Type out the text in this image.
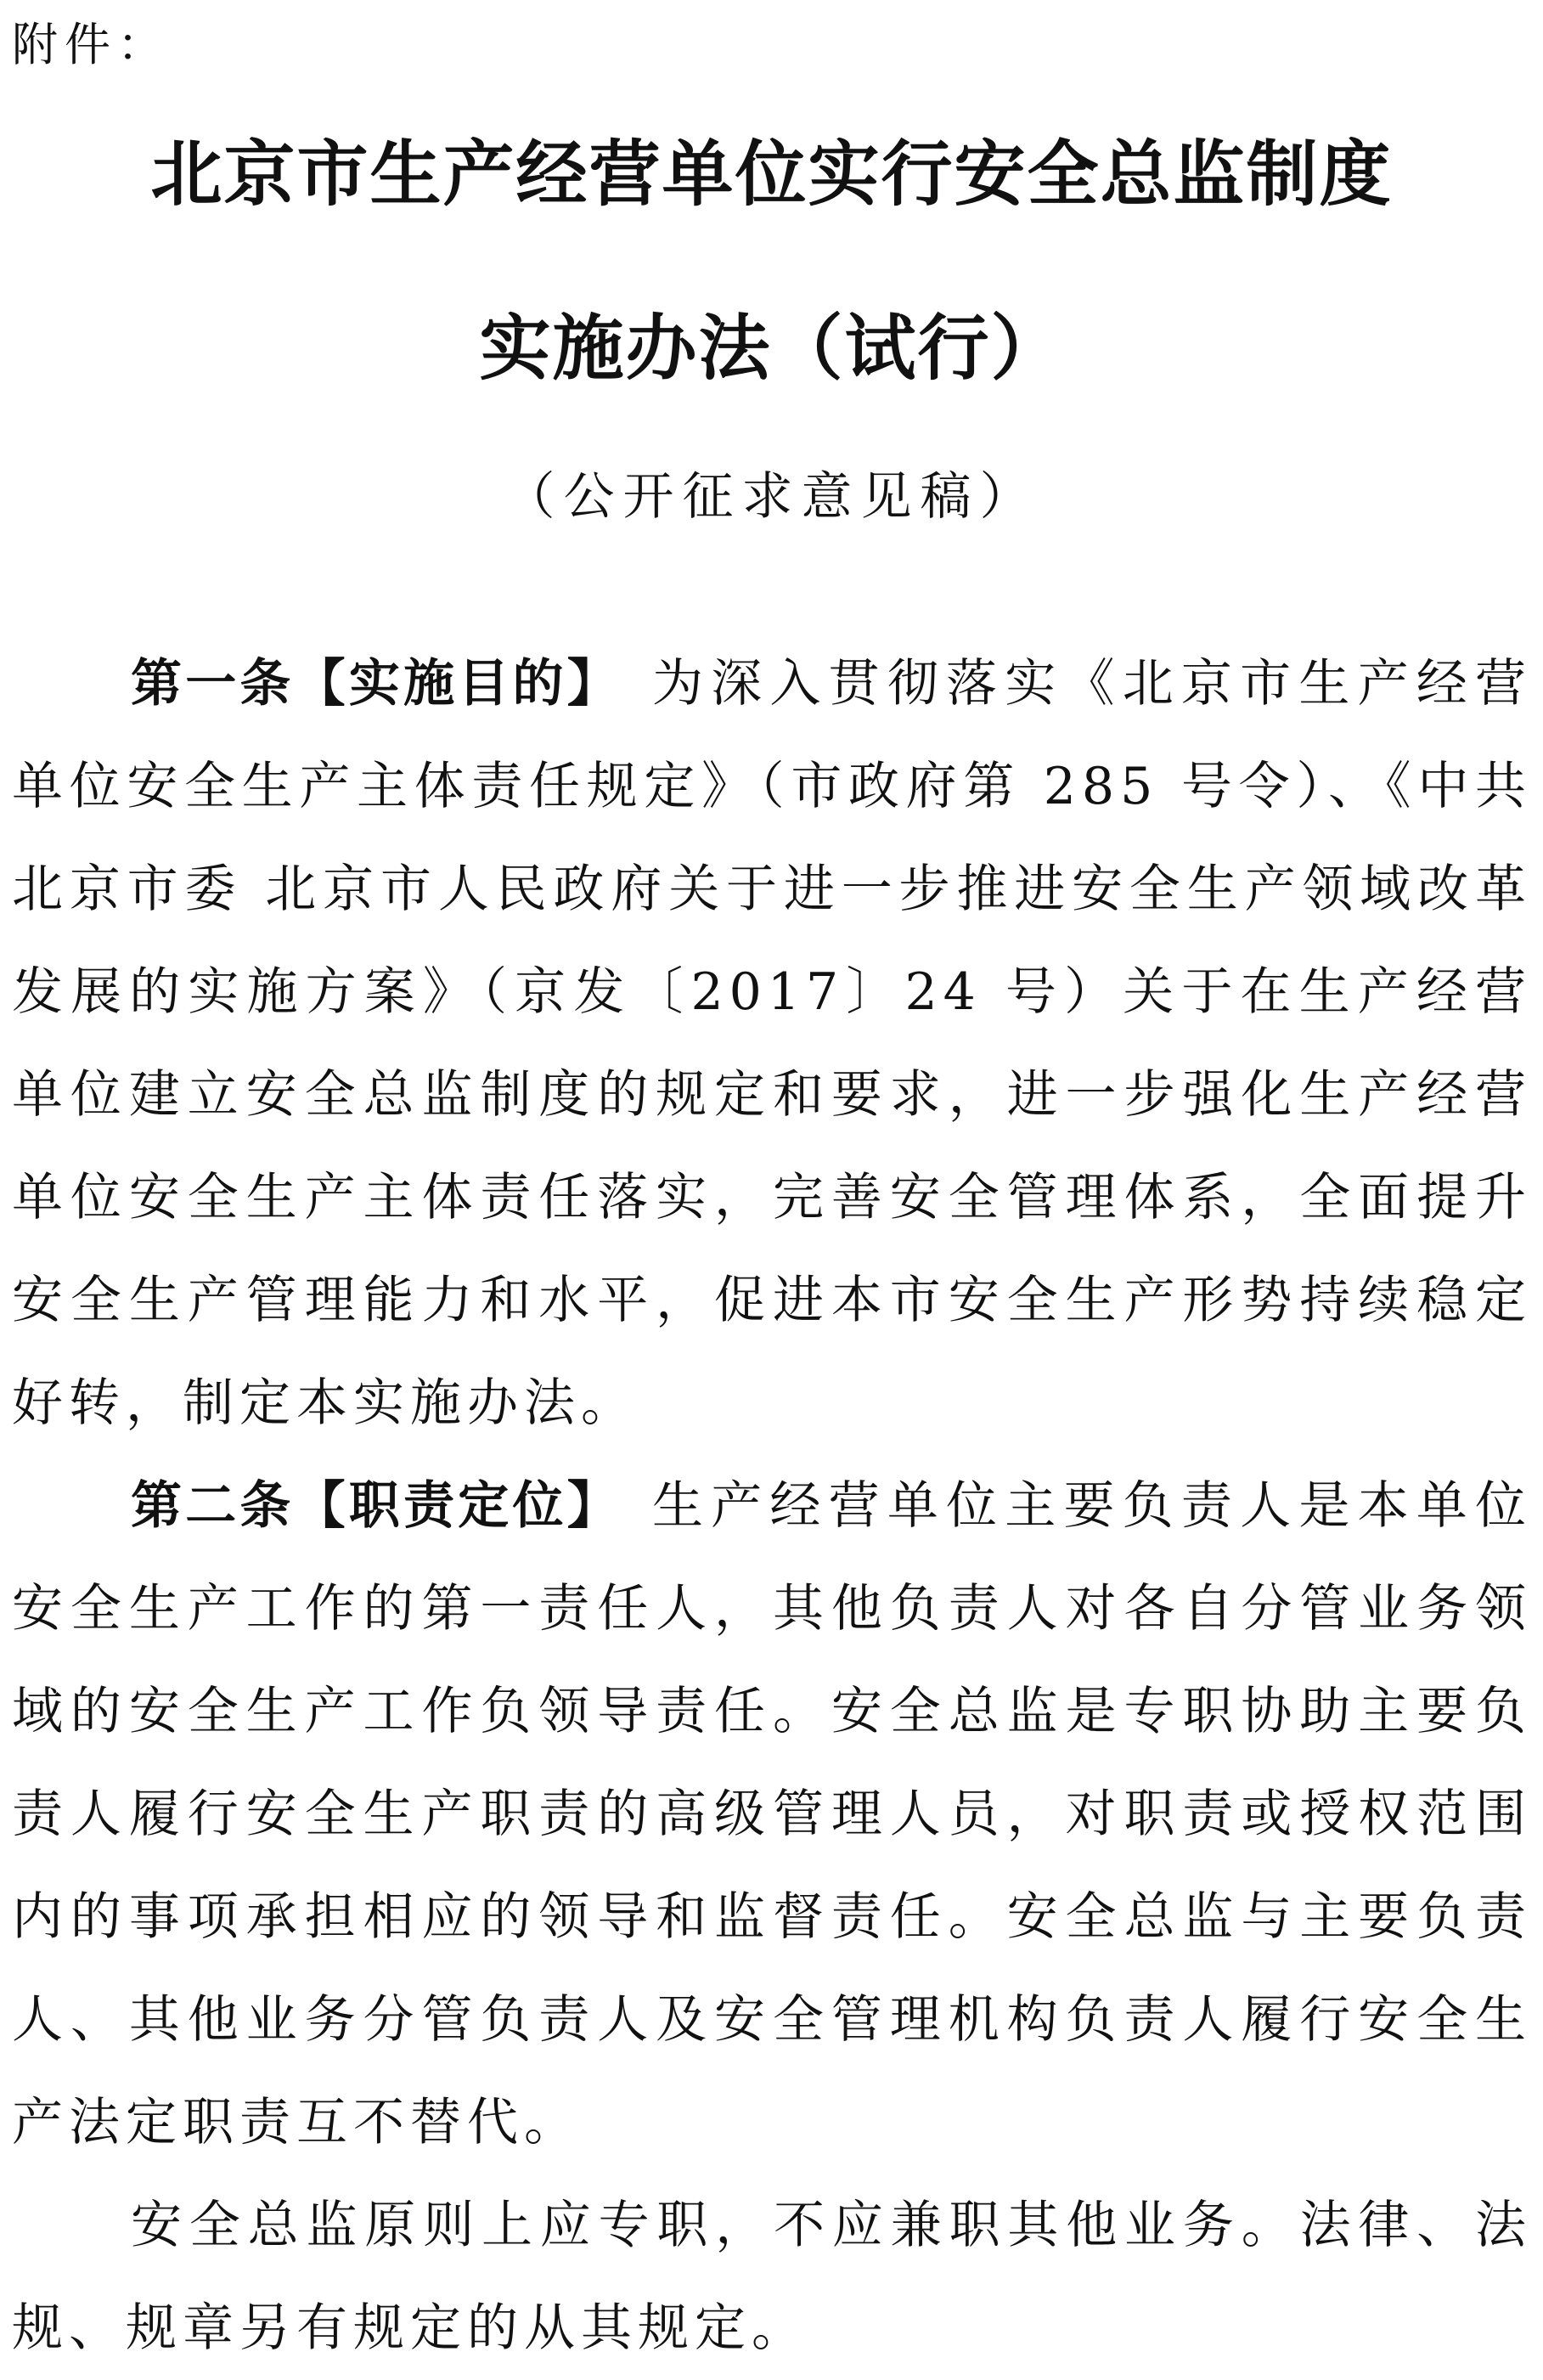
附件：
北京市生产经营单位实行安全总监制度
实施办法（试行）
（公开征求意见稿）

第一条【实施目的】 为深入贯彻落实《北京市生产经营单位安全生产主体责任规定》（市政府第 285 号令）、《中共北京市委 北京市人民政府关于进一步推进安全生产领域改革发展的实施方案》（京发〔2017〕24 号）关于在生产经营单位建立安全总监制度的规定和要求，进一步强化生产经营单位安全生产主体责任落实，完善安全管理体系，全面提升安全生产管理能力和水平，促进本市安全生产形势持续稳定好转，制定本实施办法。

第二条【职责定位】 生产经营单位主要负责人是本单位安全生产工作的第一责任人，其他负责人对各自分管业务领域的安全生产工作负领导责任。安全总监是专职协助主要负责人履行安全生产职责的高级管理人员，对职责或授权范围内的事项承担相应的领导和监督责任。安全总监与主要负责人、其他业务分管负责人及安全管理机构负责人履行安全生产法定职责互不替代。

安全总监原则上应专职，不应兼职其他业务。法律、法规、规章另有规定的从其规定。
